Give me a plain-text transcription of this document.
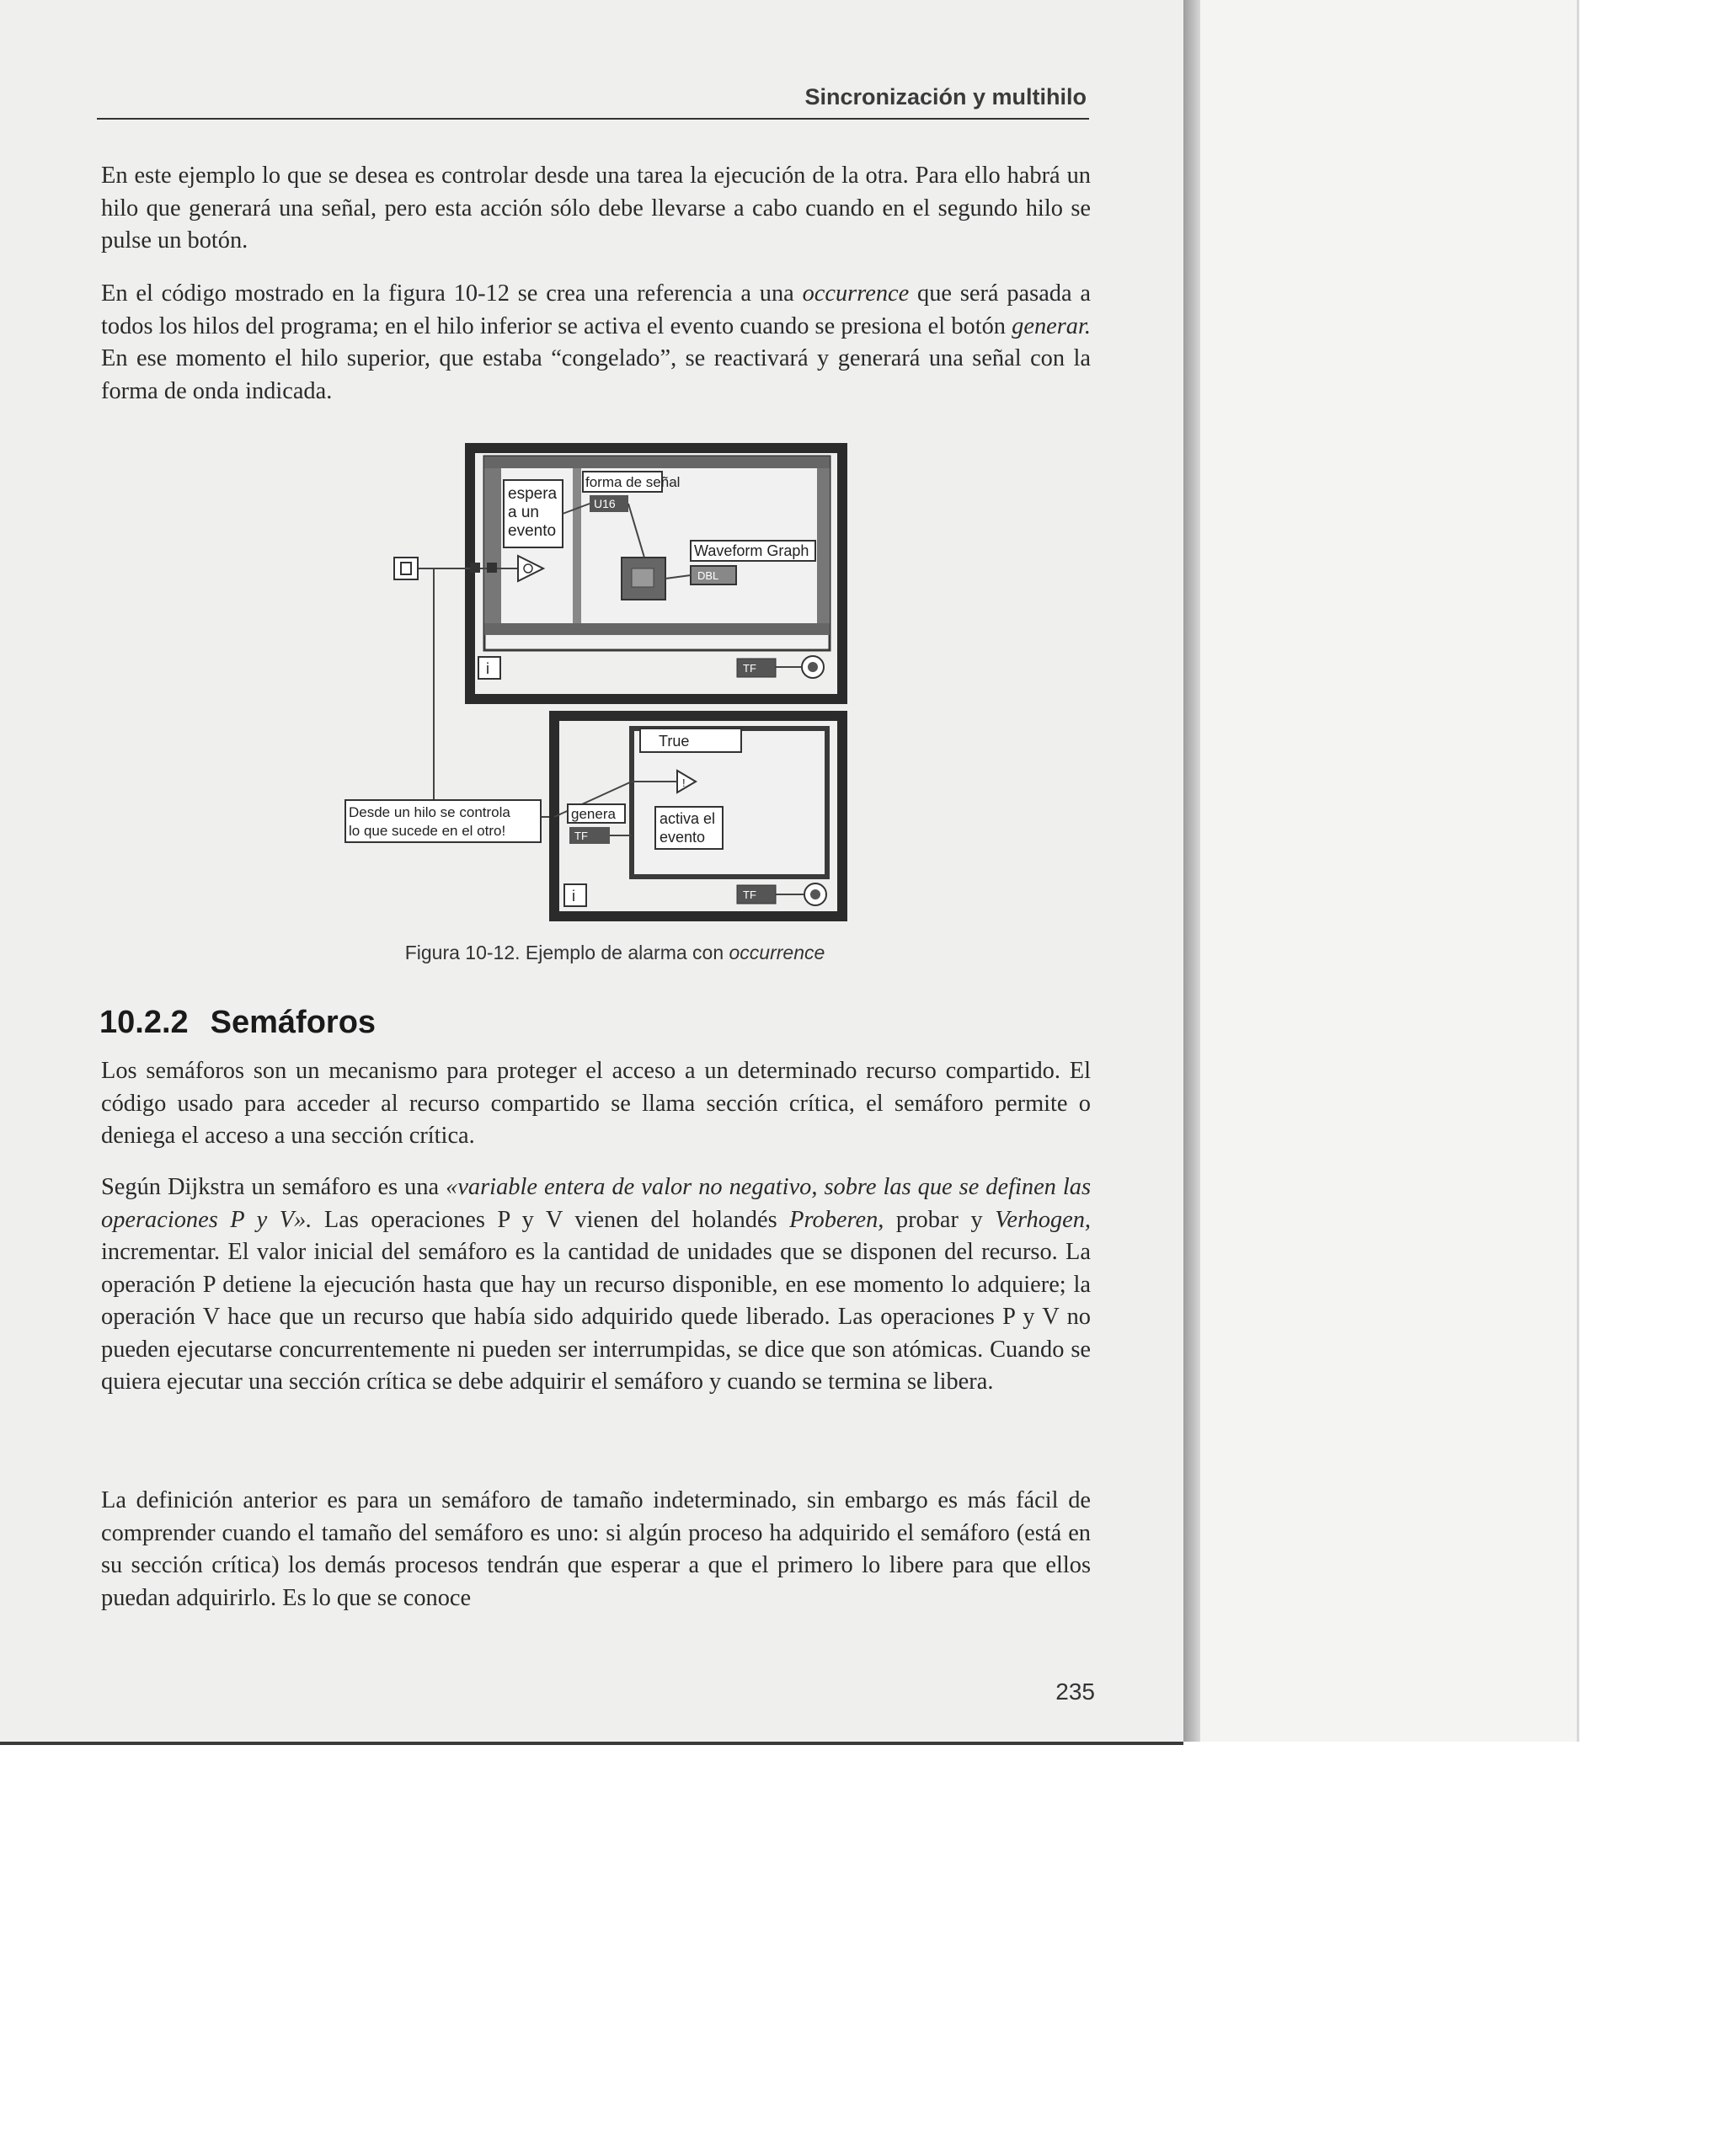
Sincronización y multihilo

En este ejemplo lo que se desea es controlar desde una tarea la ejecución de la otra. Para ello habrá un hilo que generará una señal, pero esta acción sólo debe llevarse a cabo cuando en el segundo hilo se pulse un botón.

En el código mostrado en la figura 10-12 se crea una referencia a una occurrence que será pasada a todos los hilos del programa; en el hilo inferior se activa el evento cuando se presiona el botón generar. En ese momento el hilo superior, que estaba “congelado”, se reactivará y generará una señal con la forma de onda indicada.

espera
a un
evento
forma de señal
U16
Waveform Graph
DBL
i	TF
True
!
activa el
evento
genera
TF
i	TF
Desde un hilo se controla
lo que sucede en el otro!
Figura 10-12. Ejemplo de alarma con occurrence
10.2.2 Semáforos

Los semáforos son un mecanismo para proteger el acceso a un determinado recurso compartido. El código usado para acceder al recurso compartido se llama sección crítica, el semáforo permite o deniega el acceso a una sección crítica.

Según Dijkstra un semáforo es una «variable entera de valor no negativo, sobre las que se definen las operaciones P y V». Las operaciones P y V vienen del holandés Proberen, probar y Verhogen, incrementar. El valor inicial del semáforo es la cantidad de unidades que se disponen del recurso. La operación P detiene la ejecución hasta que hay un recurso disponible, en ese momento lo adquiere; la operación V hace que un recurso que había sido adquirido quede liberado. Las operaciones P y V no pueden ejecutarse concurrentemente ni pueden ser interrumpidas, se dice que son atómicas. Cuando se quiera ejecutar una sección crítica se debe adquirir el semáforo y cuando se termina se libera.

La definición anterior es para un semáforo de tamaño indeterminado, sin embargo es más fácil de comprender cuando el tamaño del semáforo es uno: si algún proceso ha adquirido el semáforo (está en su sección crítica) los demás procesos tendrán que esperar a que el primero lo libere para que ellos puedan adquirirlo. Es lo que se conoce

235
